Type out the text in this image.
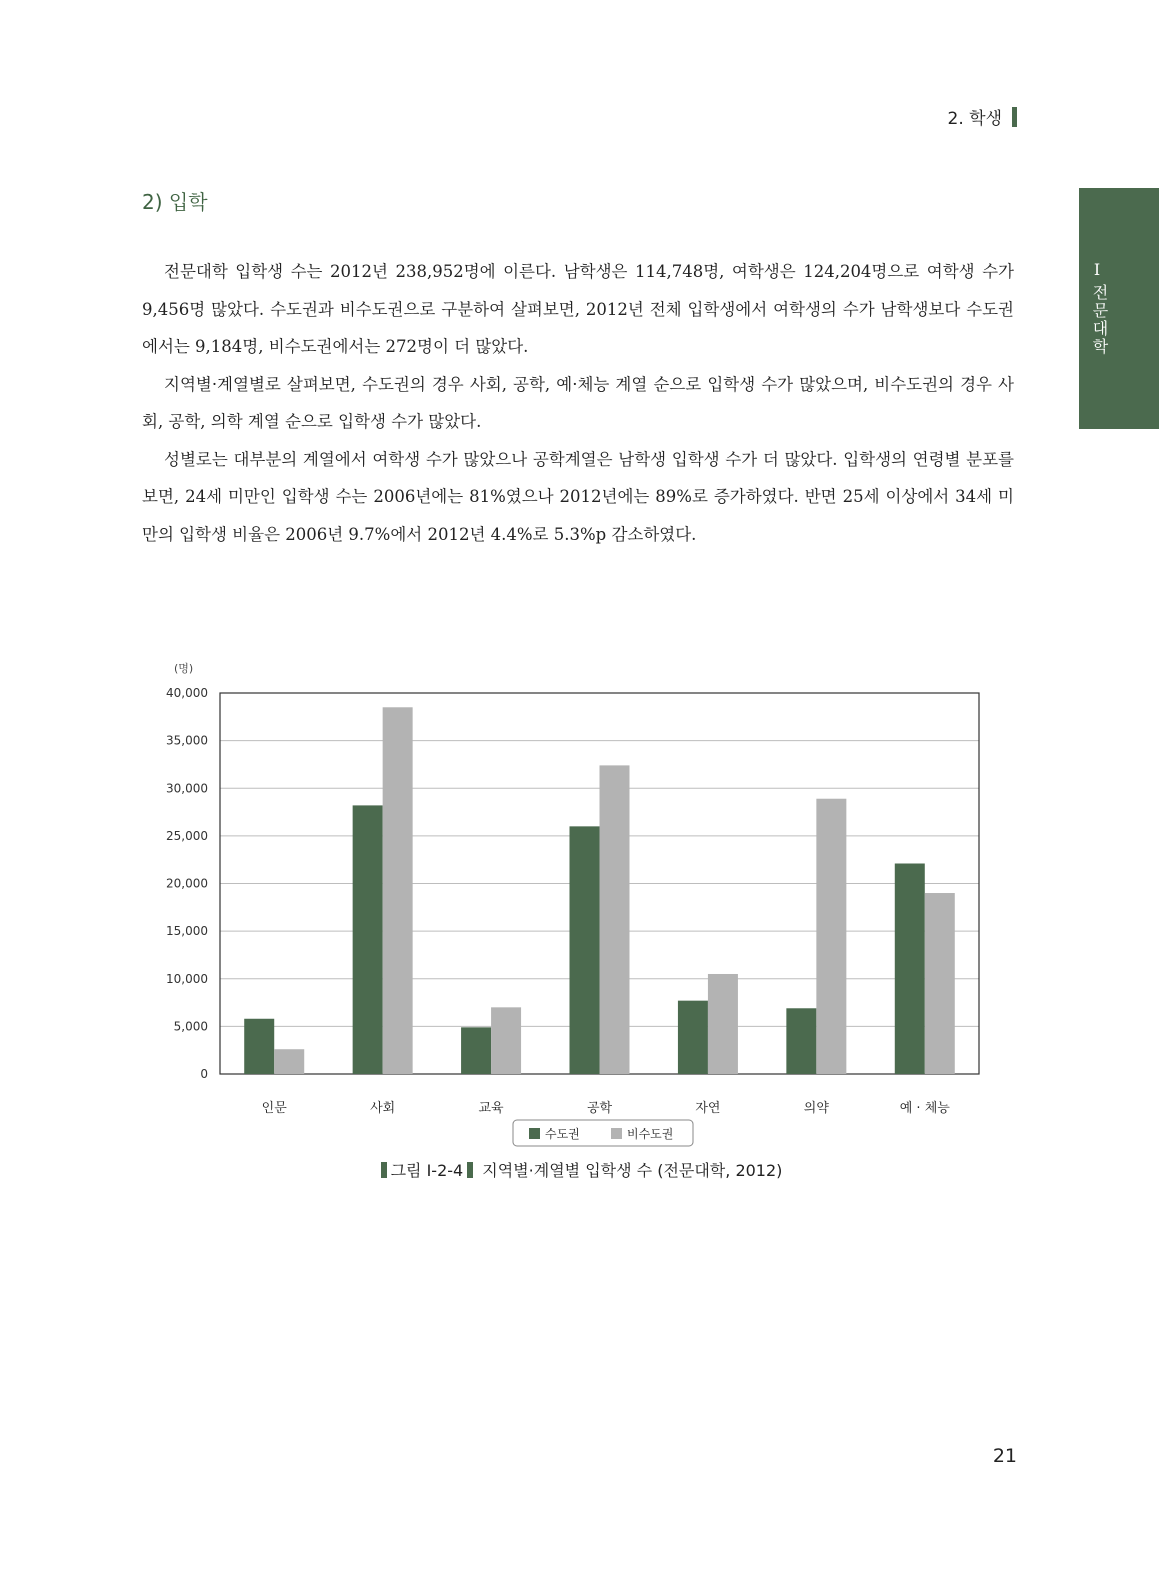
2. 학생
I
전문대학
2) 입학

전문대학 입학생 수는 2012년 238,952명에 이른다. 남학생은 114,748명, 여학생은 124,204명으로 여학생 수가 9,456명 많았다. 수도권과 비수도권으로 구분하여 살펴보면, 2012년 전체 입학생에서 여학생의 수가 남학생보다 수도권에서는 9,184명, 비수도권에서는 272명이 더 많았다.

지역별·계열별로 살펴보면, 수도권의 경우 사회, 공학, 예·체능 계열 순으로 입학생 수가 많았으며, 비수도권의 경우 사회, 공학, 의학 계열 순으로 입학생 수가 많았다.

성별로는 대부분의 계열에서 여학생 수가 많았으나 공학계열은 남학생 입학생 수가 더 많았다. 입학생의 연령별 분포를 보면, 24세 미만인 입학생 수는 2006년에는 81%였으나 2012년에는 89%로 증가하였다. 반면 25세 이상에서 34세 미만의 입학생 비율은 2006년 9.7%에서 2012년 4.4%로 5.3%p 감소하였다.

(명)
0
5,000
10,000
15,000
20,000
25,000
30,000
35,000
40,000
인문	사회	교육	공학	자연	의약	예 · 체능
수도권	비수도권
그림 Ⅰ-2-4 지역별·계열별 입학생 수 (전문대학, 2012)
21
